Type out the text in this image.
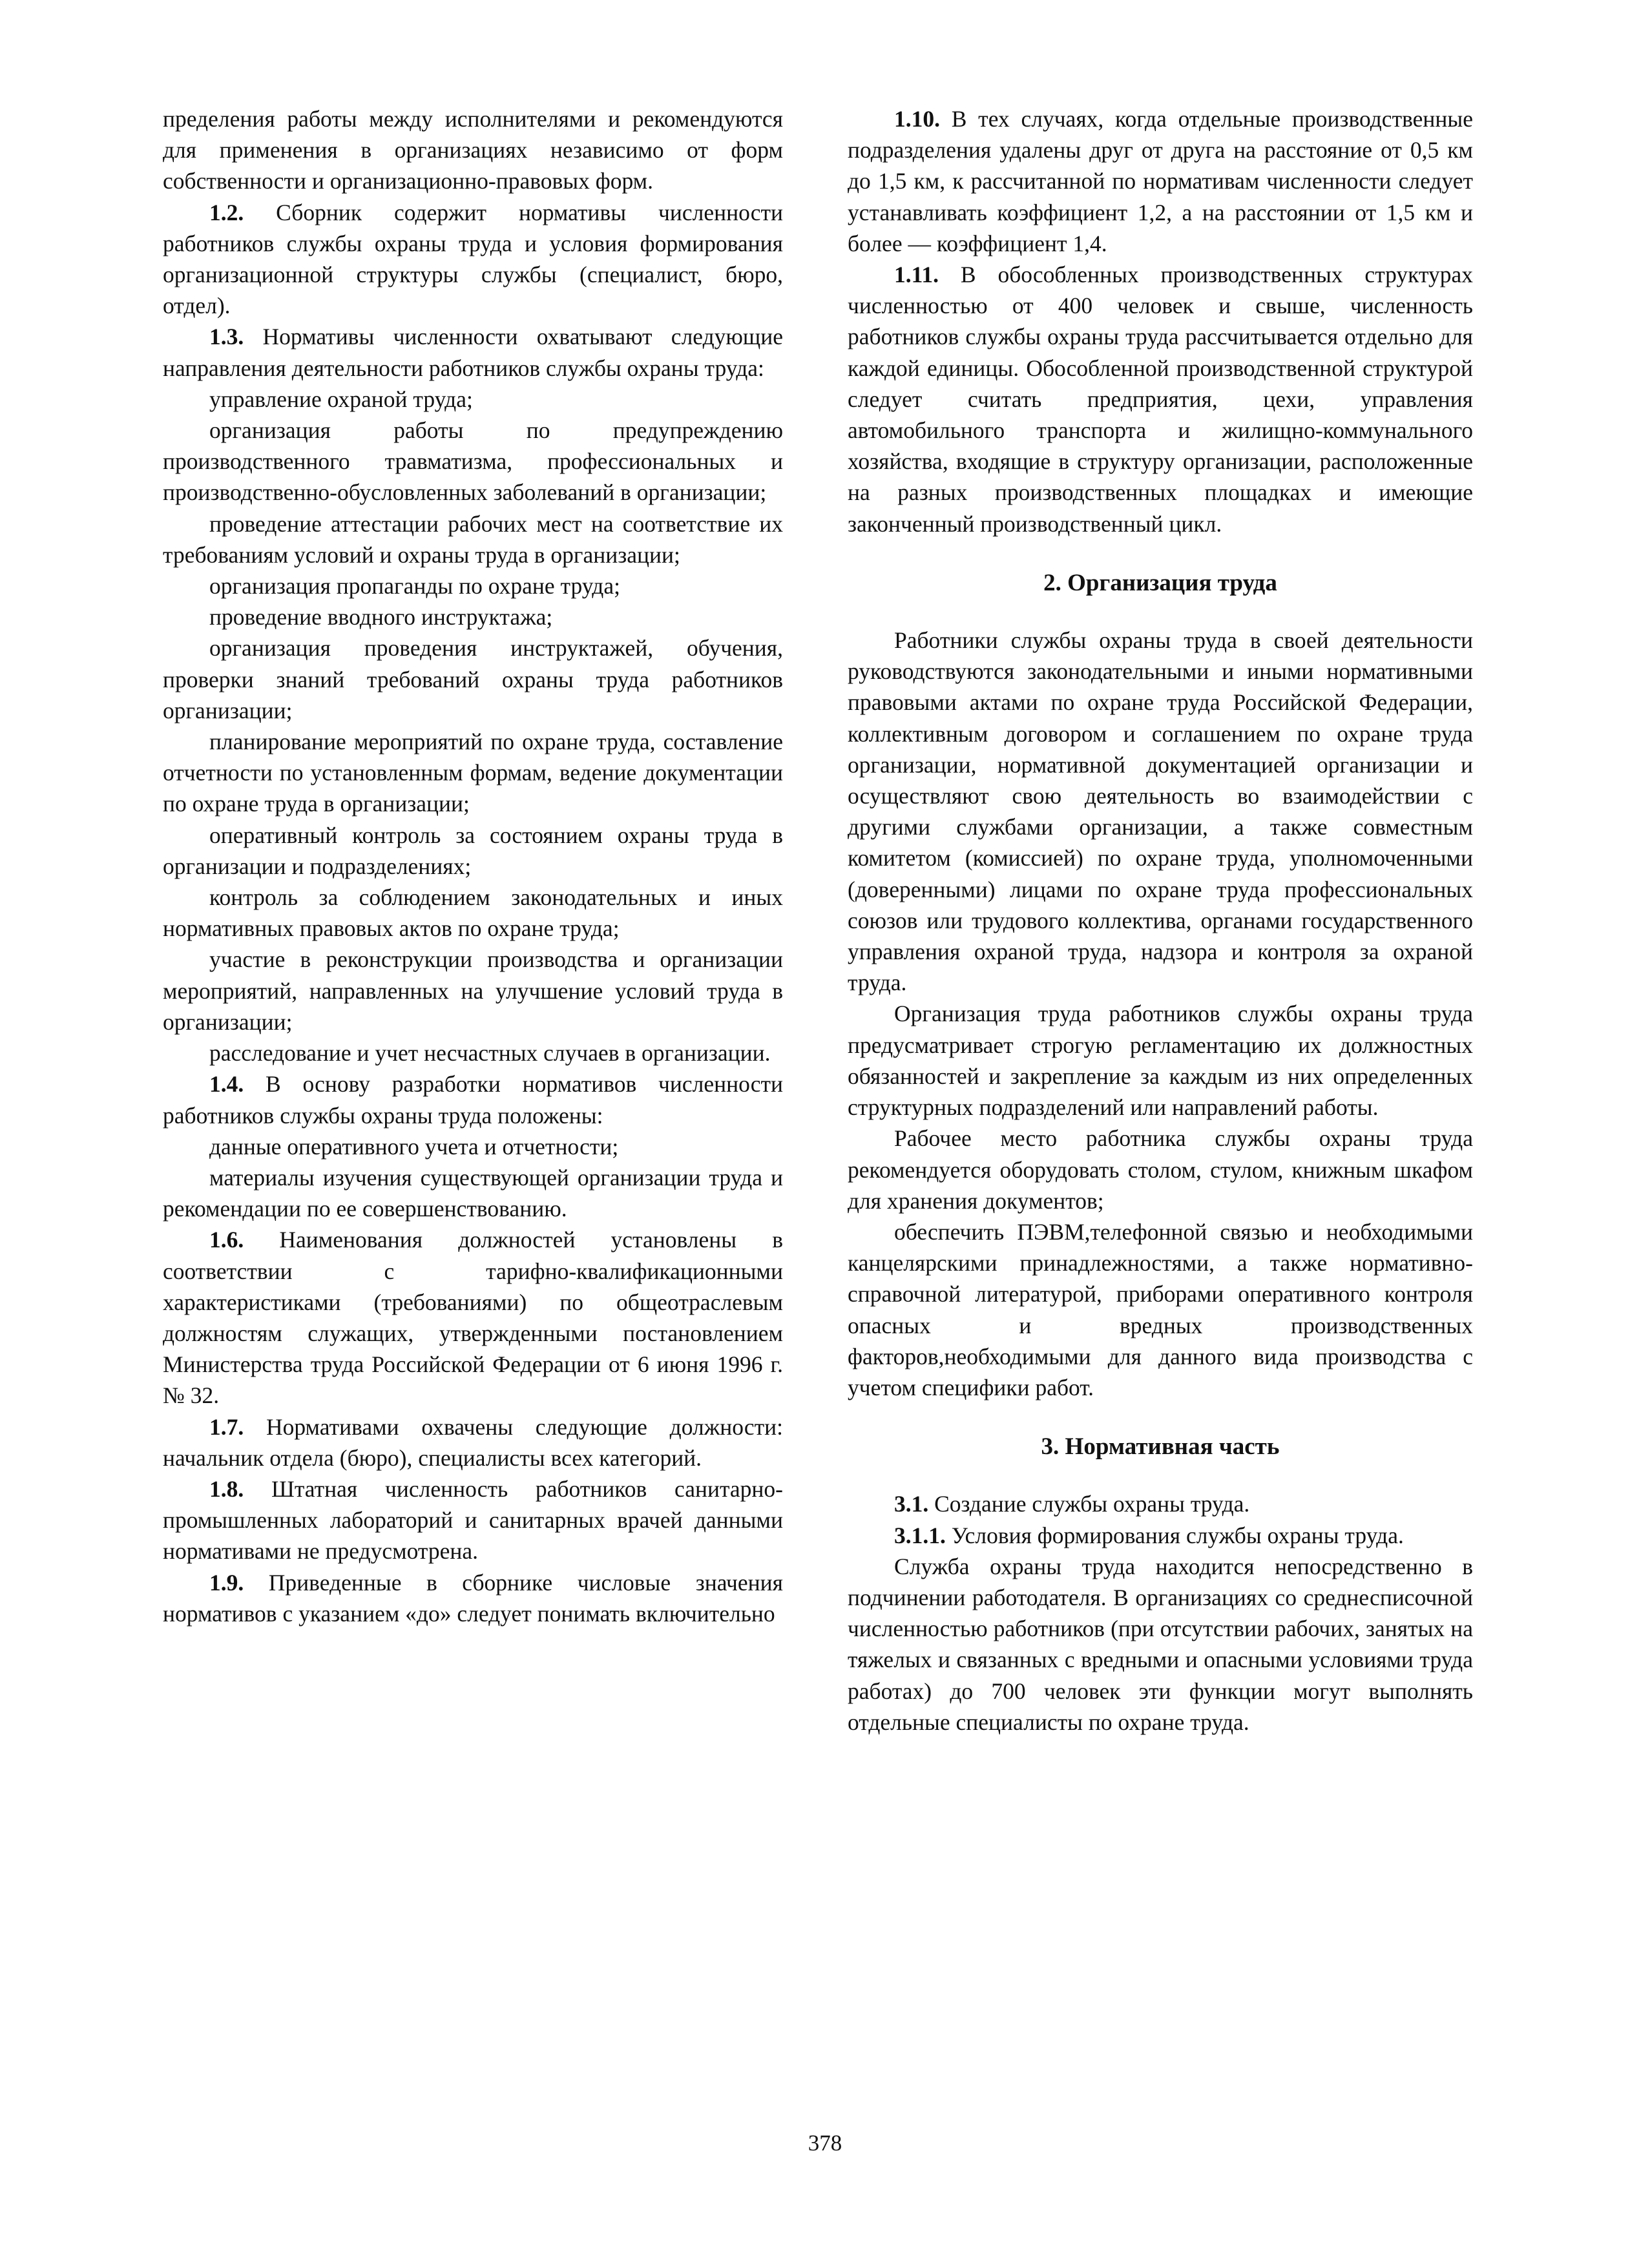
пределения работы между исполнителями и рекомендуются для применения в организациях независимо от форм собственности и организационно-правовых форм.

1.2. Сборник содержит нормативы численности работников службы охраны труда и условия формирования организационной структуры службы (специалист, бюро, отдел).

1.3. Нормативы численности охватывают следующие направления деятельности работников службы охраны труда:

управление охраной труда;

организация работы по предупреждению производственного травматизма, профессиональных и производственно-обусловленных заболеваний в организации;

проведение аттестации рабочих мест на соответствие их требованиям условий и охраны труда в организации;

организация пропаганды по охране труда;

проведение вводного инструктажа;

организация проведения инструктажей, обучения, проверки знаний требований охраны труда работников организации;

планирование мероприятий по охране труда, составление отчетности по установленным формам, ведение документации по охране труда в организации;

оперативный контроль за состоянием охраны труда в организации и подразделениях;

контроль за соблюдением законодательных и иных нормативных правовых актов по охране труда;

участие в реконструкции производства и организации мероприятий, направленных на улучшение условий труда в организации;

расследование и учет несчастных случаев в организации.

1.4. В основу разработки нормативов численности работников службы охраны труда положены:

данные оперативного учета и отчетности;

материалы изучения существующей организации труда и рекомендации по ее совершенствованию.

1.6. Наименования должностей установлены в соответствии с тарифно-квалификационными характеристиками (требованиями) по общеотраслевым должностям служащих, утвержденными постановлением Министерства труда Российской Федерации от 6 июня 1996 г. № 32.

1.7. Нормативами охвачены следующие должности: начальник отдела (бюро), специалисты всех категорий.

1.8. Штатная численность работников санитарно-промышленных лабораторий и санитарных врачей данными нормативами не предусмотрена.

1.9. Приведенные в сборнике числовые значения нормативов с указанием «до» следует понимать включительно

1.10. В тех случаях, когда отдельные производственные подразделения удалены друг от друга на расстояние от 0,5 км до 1,5 км, к рассчитанной по нормативам численности следует устанавливать коэффициент 1,2, а на расстоянии от 1,5 км и более — коэффициент 1,4.

1.11. В обособленных производственных структурах численностью от 400 человек и свыше, численность работников службы охраны труда рассчитывается отдельно для каждой единицы. Обособленной производственной структурой следует считать предприятия, цехи, управления автомобильного транспорта и жилищно-коммунального хозяйства, входящие в структуру организации, расположенные на разных производственных площадках и имеющие законченный производственный цикл.

2. Организация труда

Работники службы охраны труда в своей деятельности руководствуются законодательными и иными нормативными правовыми актами по охране труда Российской Федерации, коллективным договором и соглашением по охране труда организации, нормативной документацией организации и осуществляют свою деятельность во взаимодействии с другими службами организации, а также совместным комитетом (комиссией) по охране труда, уполномоченными (доверенными) лицами по охране труда профессиональных союзов или трудового коллектива, органами государственного управления охраной труда, надзора и контроля за охраной труда.

Организация труда работников службы охраны труда предусматривает строгую регламентацию их должностных обязанностей и закрепление за каждым из них определенных структурных подразделений или направлений работы.

Рабочее место работника службы охраны труда рекомендуется оборудовать столом, стулом, книжным шкафом для хранения документов;

обеспечить ПЭВМ,телефонной связью и необходимыми канцелярскими принадлежностями, а также нормативно-справочной литературой, приборами оперативного контроля опасных и вредных производственных факторов,необходимыми для данного вида производства с учетом специфики работ.

3. Нормативная часть

3.1. Создание службы охраны труда.

3.1.1. Условия формирования службы охраны труда.

Служба охраны труда находится непосредственно в подчинении работодателя. В организациях со среднесписочной численностью работников (при отсутствии рабочих, занятых на тяжелых и связанных с вредными и опасными условиями труда работах) до 700 человек эти функции могут выполнять отдельные специалисты по охране труда.

378
